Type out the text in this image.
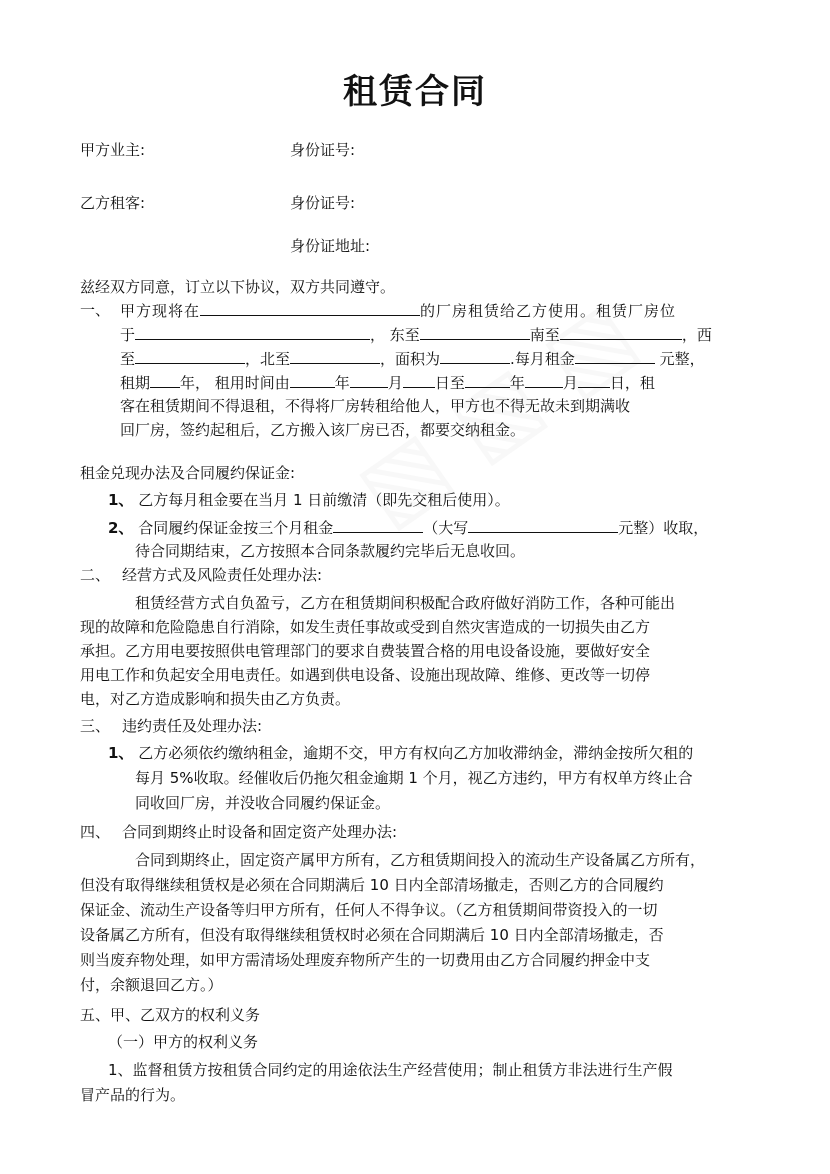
租赁合同
甲方业主:	身份证号:
乙方租客:	身份证号:
身份证地址:
兹经双方同意，订立以下协议，双方共同遵守。
一、 甲方现将在	的厂房租赁给乙方使用。租赁厂房位
于	， 东至	南至	，西
至	，北至	，面积为	.每月租金	元整，
租期 年， 租用时间由	年	月 日至	年	月 日，租
客在租赁期间不得退租，不得将厂房转租给他人，甲方也不得无故未到期满收
回厂房，签约起租后，乙方搬入该厂房已否，都要交纳租金。
租金兑现办法及合同履约保证金:
1、 乙方每月租金要在当月 1 日前缴清（即先交租后使用）。
2、 合同履约保证金按三个月租金	（大写	元整）收取，
待合同期结束，乙方按照本合同条款履约完毕后无息收回。
二、 经营方式及风险责任处理办法:
租赁经营方式自负盈亏，乙方在租赁期间积极配合政府做好消防工作，各种可能出
现的故障和危险隐患自行消除，如发生责任事故或受到自然灾害造成的一切损失由乙方
承担。乙方用电要按照供电管理部门的要求自费装置合格的用电设备设施，要做好安全
用电工作和负起安全用电责任。如遇到供电设备、设施出现故障、维修、更改等一切停
电，对乙方造成影响和损失由乙方负责。
三、 违约责任及处理办法:
1、 乙方必须依约缴纳租金，逾期不交，甲方有权向乙方加收滞纳金，滞纳金按所欠租的
每月 5%收取。经催收后仍拖欠租金逾期 1 个月，视乙方违约，甲方有权单方终止合
同收回厂房，并没收合同履约保证金。
四、 合同到期终止时设备和固定资产处理办法:
合同到期终止，固定资产属甲方所有，乙方租赁期间投入的流动生产设备属乙方所有，
但没有取得继续租赁权是必须在合同期满后 10 日内全部清场撤走，否则乙方的合同履约
保证金、流动生产设备等归甲方所有，任何人不得争议。（乙方租赁期间带资投入的一切
设备属乙方所有，但没有取得继续租赁权时必须在合同期满后 10 日内全部清场撤走，否
则当废弃物处理，如甲方需清场处理废弃物所产生的一切费用由乙方合同履约押金中支
付，余额退回乙方。）
五、甲、乙双方的权利义务
（一）甲方的权利义务
1、监督租赁方按租赁合同约定的用途依法生产经营使用；制止租赁方非法进行生产假
冒产品的行为。
